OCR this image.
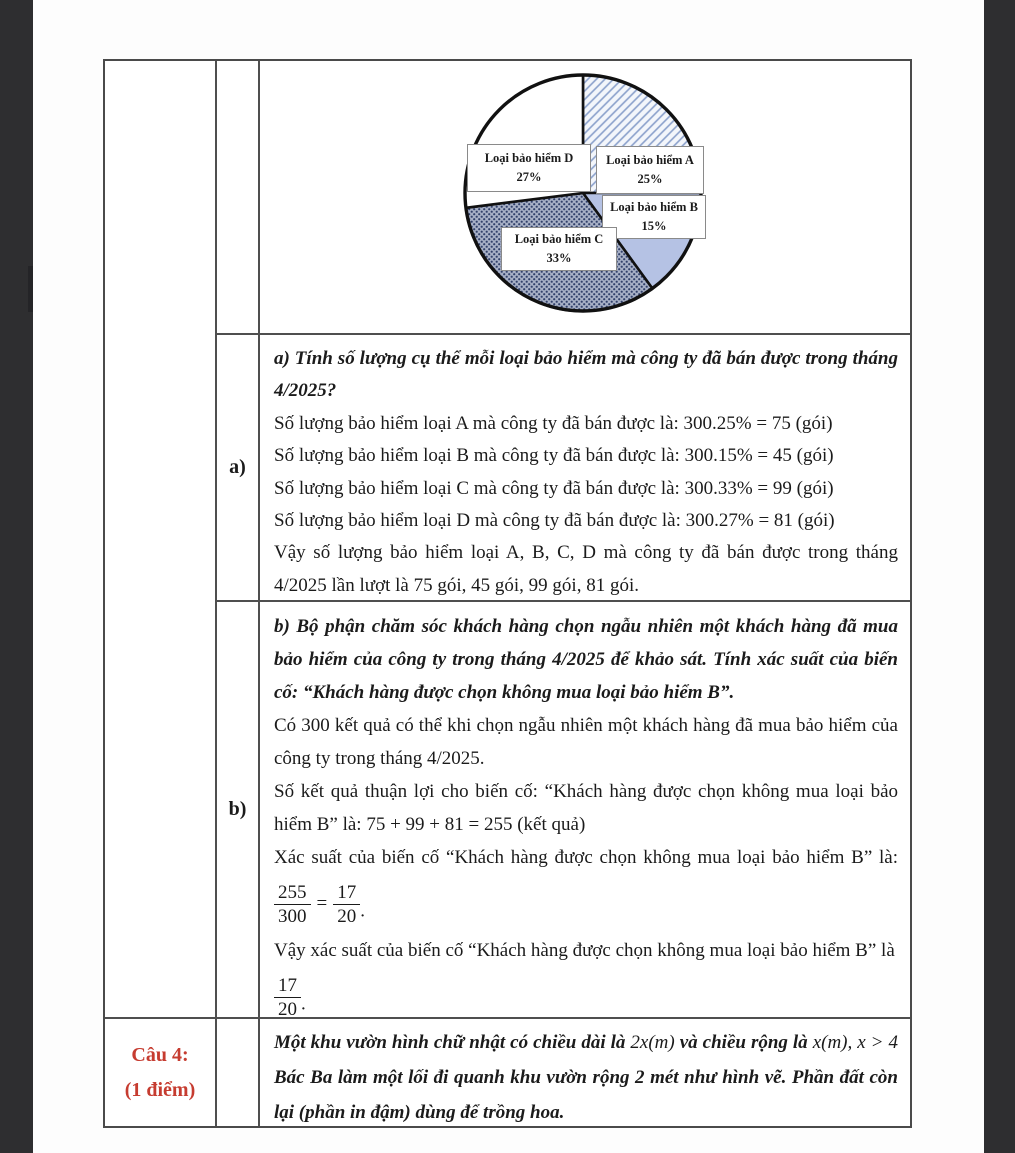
Câu 4:
(1 điểm)
a)
b)
Loại bảo hiểm D
27%
Loại bảo hiểm A
25%
Loại bảo hiểm B
15%
Loại bảo hiểm C
33%

a) Tính số lượng cụ thể mỗi loại bảo hiểm mà công ty đã bán được trong tháng 4/2025?

Số lượng bảo hiểm loại A mà công ty đã bán được là: 300.25% = 75 (gói)

Số lượng bảo hiểm loại B mà công ty đã bán được là: 300.15% = 45 (gói)

Số lượng bảo hiểm loại C mà công ty đã bán được là: 300.33% = 99 (gói)

Số lượng bảo hiểm loại D mà công ty đã bán được là: 300.27% = 81 (gói)

Vậy số lượng bảo hiểm loại A, B, C, D mà công ty đã bán được trong tháng 4/2025 lần lượt là 75 gói, 45 gói, 99 gói, 81 gói.

b) Bộ phận chăm sóc khách hàng chọn ngẫu nhiên một khách hàng đã mua bảo hiểm của công ty trong tháng 4/2025 để khảo sát. Tính xác suất của biến cố: “Khách hàng được chọn không mua loại bảo hiểm B”.

Có 300 kết quả có thể khi chọn ngẫu nhiên một khách hàng đã mua bảo hiểm của công ty trong tháng 4/2025.

Số kết quả thuận lợi cho biến cố: “Khách hàng được chọn không mua loại bảo hiểm B” là: 75 + 99 + 81 = 255 (kết quả)

Xác suất của biến cố “Khách hàng được chọn không mua loại bảo hiểm B” là:

$\frac{255}{300} = \frac{17}{20}$ .

Vậy xác suất của biến cố “Khách hàng được chọn không mua loại bảo hiểm B” là

$\frac{17}{20}$ .

Một khu vườn hình chữ nhật có chiều dài là 2x(m) và chiều rộng là x(m), x > 4

Bác Ba làm một lối đi quanh khu vườn rộng 2 mét như hình vẽ. Phần đất còn lại (phần in đậm) dùng để trồng hoa.
